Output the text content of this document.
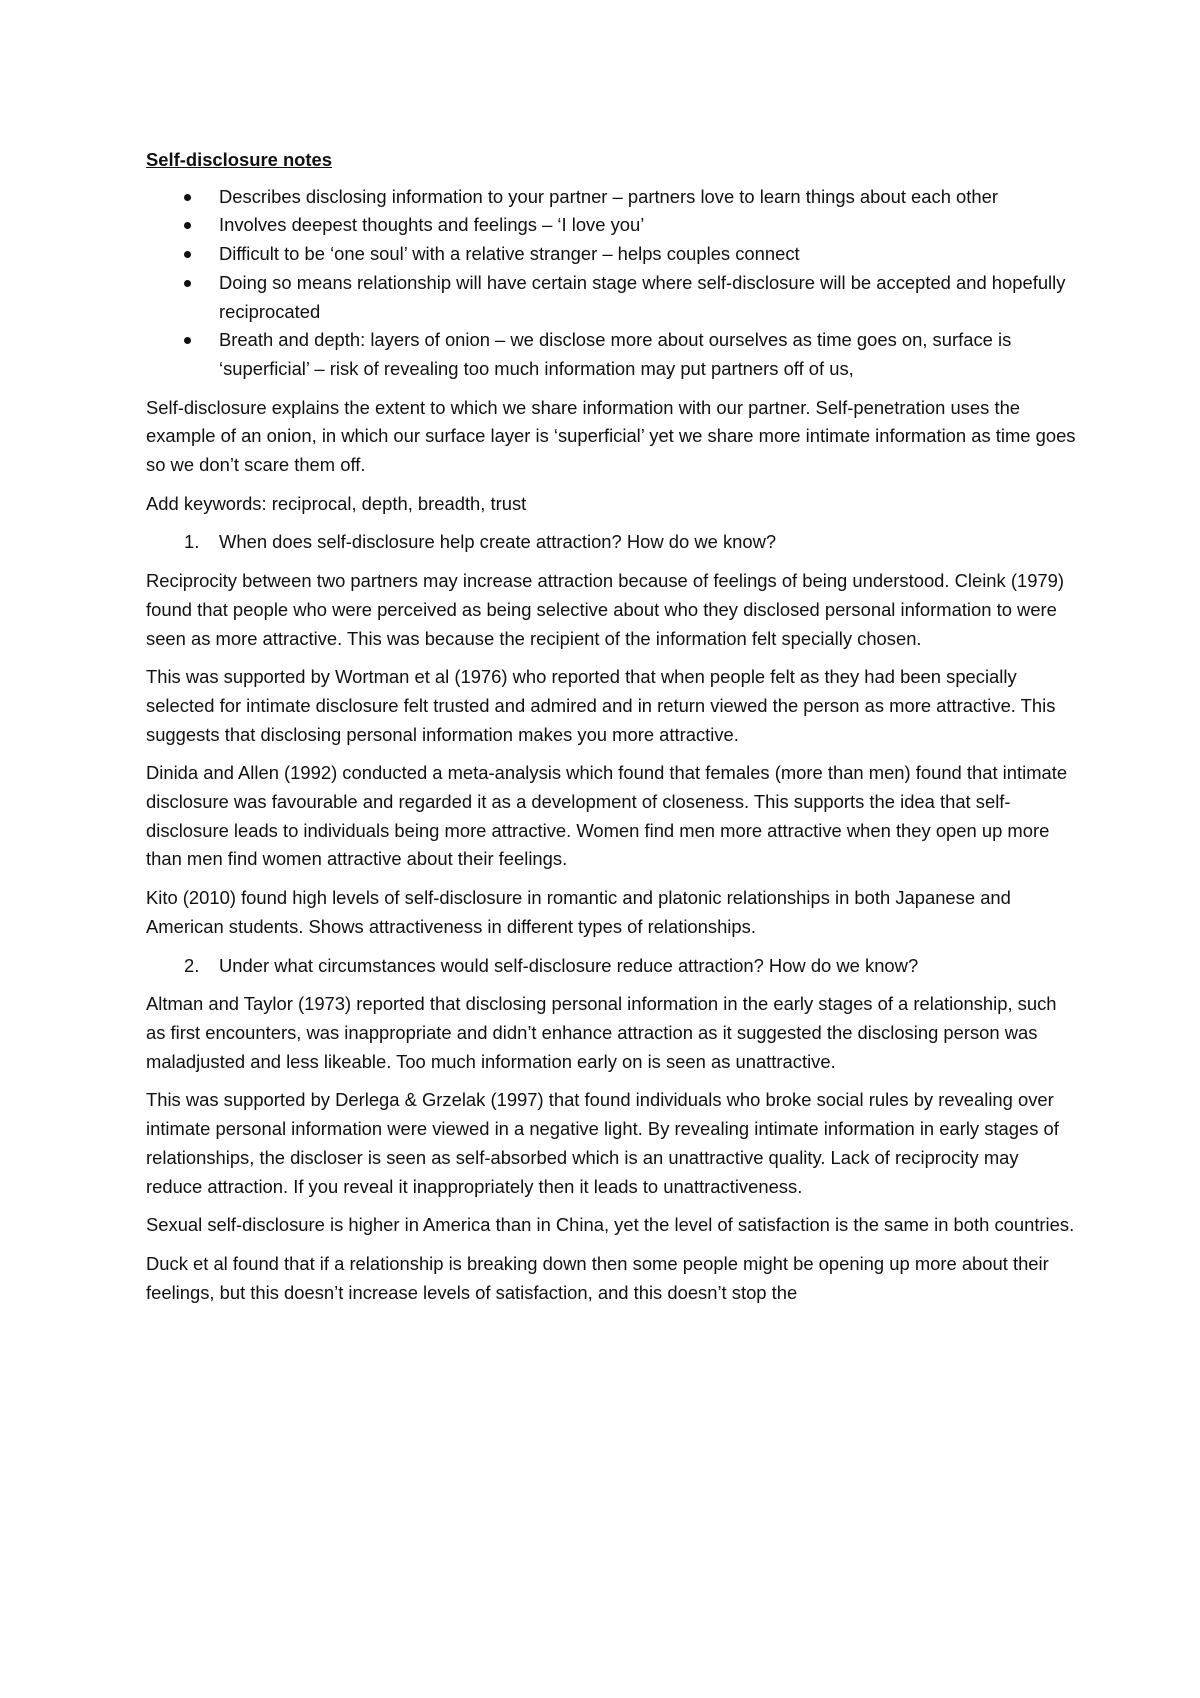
Self-disclosure notes
Describes disclosing information to your partner – partners love to learn things about each other
Involves deepest thoughts and feelings – ‘I love you’
Difficult to be ‘one soul’ with a relative stranger – helps couples connect
Doing so means relationship will have certain stage where self-disclosure will be accepted and hopefully reciprocated
Breath and depth: layers of onion – we disclose more about ourselves as time goes on, surface is ‘superficial’ – risk of revealing too much information may put partners off of us,

Self-disclosure explains the extent to which we share information with our partner. Self-penetration uses the example of an onion, in which our surface layer is ‘superficial’ yet we share more intimate information as time goes so we don’t scare them off.

Add keywords: reciprocal, depth, breadth, trust

1. When does self-disclosure help create attraction? How do we know?

Reciprocity between two partners may increase attraction because of feelings of being understood. Cleink (1979) found that people who were perceived as being selective about who they disclosed personal information to were seen as more attractive. This was because the recipient of the information felt specially chosen.

This was supported by Wortman et al (1976) who reported that when people felt as they had been specially selected for intimate disclosure felt trusted and admired and in return viewed the person as more attractive. This suggests that disclosing personal information makes you more attractive.

Dinida and Allen (1992) conducted a meta-analysis which found that females (more than men) found that intimate disclosure was favourable and regarded it as a development of closeness. This supports the idea that self-disclosure leads to individuals being more attractive. Women find men more attractive when they open up more than men find women attractive about their feelings.

Kito (2010) found high levels of self-disclosure in romantic and platonic relationships in both Japanese and American students. Shows attractiveness in different types of relationships.

2. Under what circumstances would self-disclosure reduce attraction? How do we know?

Altman and Taylor (1973) reported that disclosing personal information in the early stages of a relationship, such as first encounters, was inappropriate and didn’t enhance attraction as it suggested the disclosing person was maladjusted and less likeable. Too much information early on is seen as unattractive.

This was supported by Derlega & Grzelak (1997) that found individuals who broke social rules by revealing over intimate personal information were viewed in a negative light. By revealing intimate information in early stages of relationships, the discloser is seen as self-absorbed which is an unattractive quality. Lack of reciprocity may reduce attraction. If you reveal it inappropriately then it leads to unattractiveness.

Sexual self-disclosure is higher in America than in China, yet the level of satisfaction is the same in both countries.

Duck et al found that if a relationship is breaking down then some people might be opening up more about their feelings, but this doesn’t increase levels of satisfaction, and this doesn’t stop the
